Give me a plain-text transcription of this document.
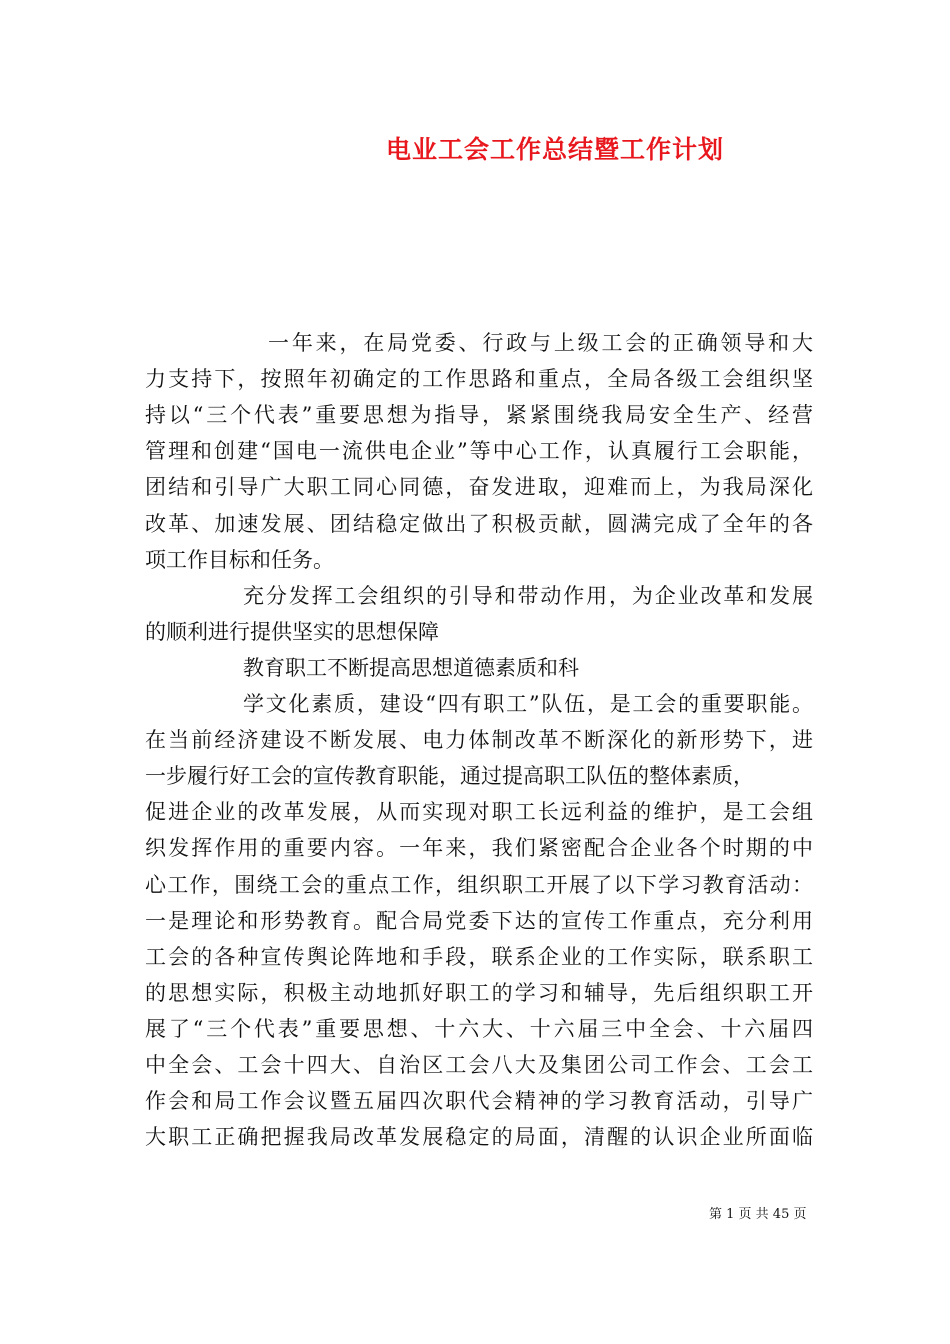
电业工会工作总结暨工作计划
一年来，在局党委、行政与上级工会的正确领导和大
力支持下，按照年初确定的工作思路和重点，全局各级工会组织坚
持以“三个代表”重要思想为指导，紧紧围绕我局安全生产、经营
管理和创建“国电一流供电企业”等中心工作，认真履行工会职能，
团结和引导广大职工同心同德，奋发进取，迎难而上，为我局深化
改革、加速发展、团结稳定做出了积极贡献，圆满完成了全年的各
项工作目标和任务。
充分发挥工会组织的引导和带动作用，为企业改革和发展
的顺利进行提供坚实的思想保障
教育职工不断提高思想道德素质和科
学文化素质，建设“四有职工”队伍，是工会的重要职能。
在当前经济建设不断发展、电力体制改革不断深化的新形势下，进
一步履行好工会的宣传教育职能，通过提高职工队伍的整体素质，
促进企业的改革发展，从而实现对职工长远利益的维护，是工会组
织发挥作用的重要内容。一年来，我们紧密配合企业各个时期的中
心工作，围绕工会的重点工作，组织职工开展了以下学习教育活动：
一是理论和形势教育。配合局党委下达的宣传工作重点，充分利用
工会的各种宣传舆论阵地和手段，联系企业的工作实际，联系职工
的思想实际，积极主动地抓好职工的学习和辅导，先后组织职工开
展了“三个代表”重要思想、十六大、十六届三中全会、十六届四
中全会、工会十四大、自治区工会八大及集团公司工作会、工会工
作会和局工作会议暨五届四次职代会精神的学习教育活动，引导广
大职工正确把握我局改革发展稳定的局面，清醒的认识企业所面临
第 1 页 共 45 页
